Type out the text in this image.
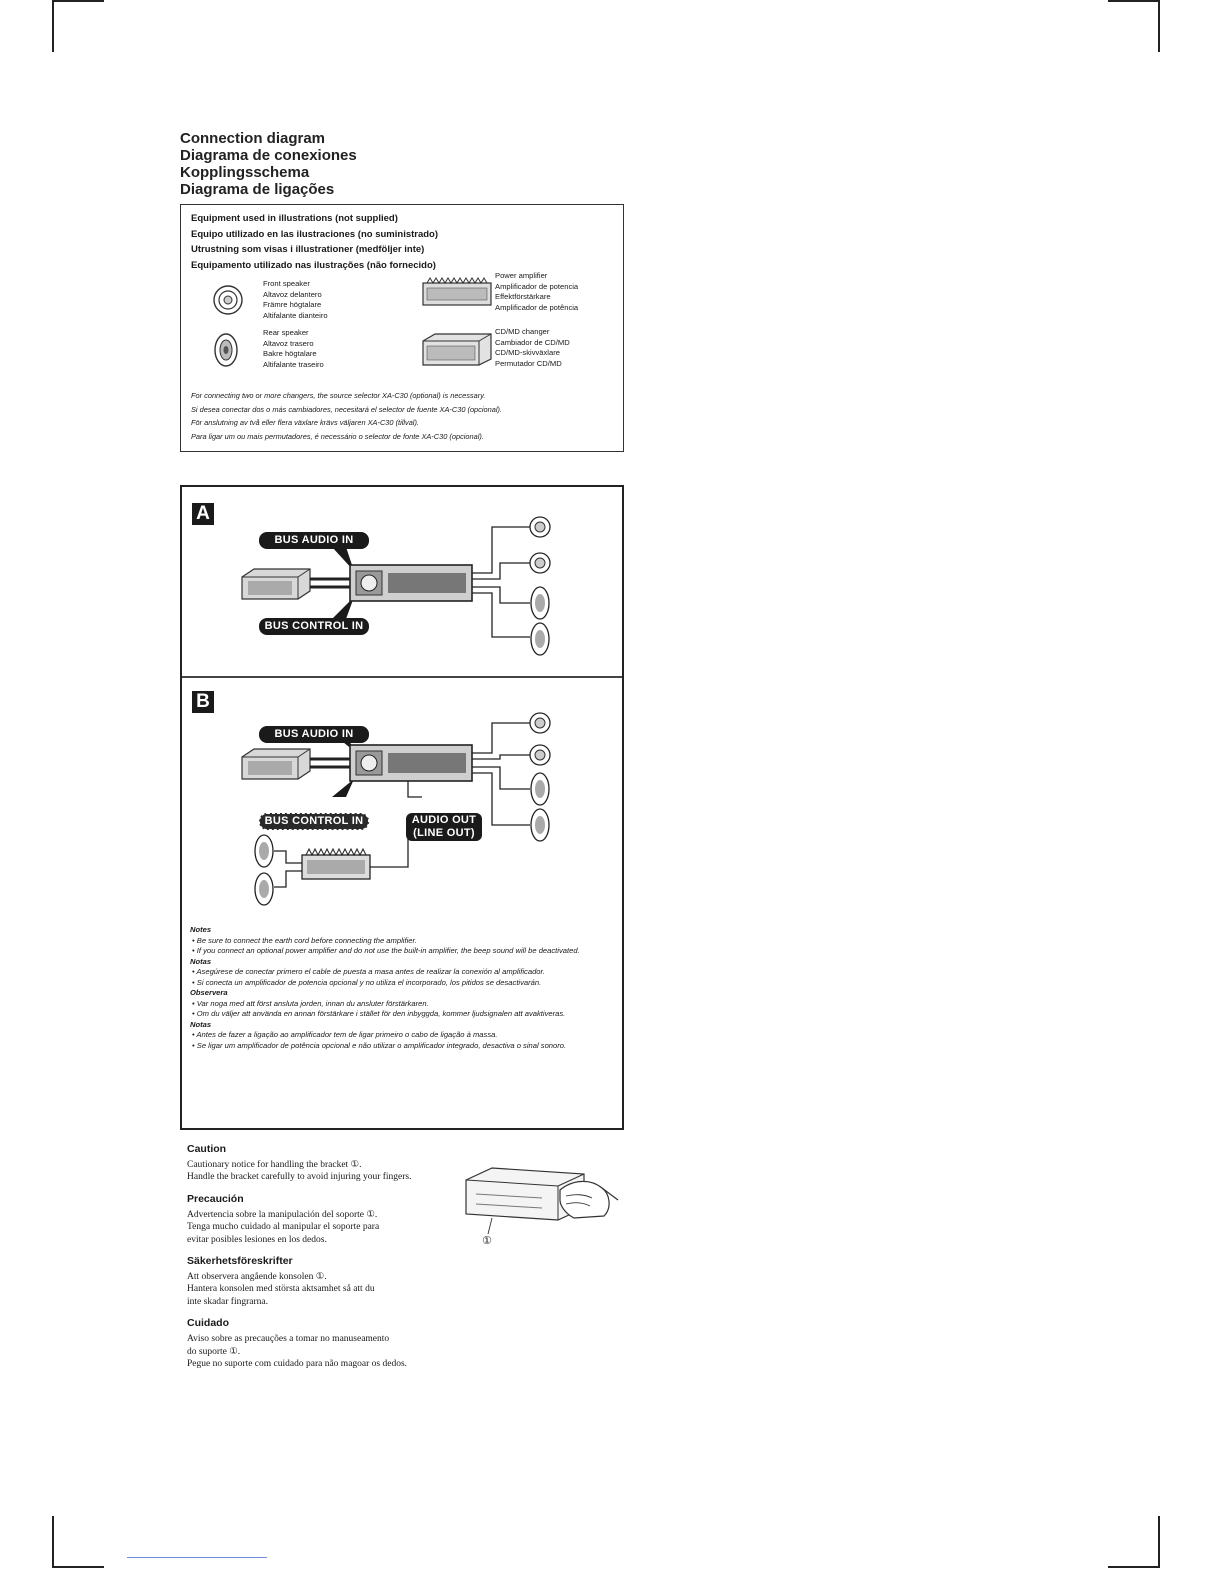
Connection diagram
Diagrama de conexiones
Kopplingsschema
Diagrama de ligações
Equipment used in illustrations (not supplied)
Equipo utilizado en las ilustraciones (no suministrado)
Utrustning som visas i illustrationer (medföljer inte)
Equipamento utilizado nas ilustrações (não fornecido)
Front speaker
Altavoz delantero
Främre högtalare
Altifalante dianteiro
Rear speaker
Altavoz trasero
Bakre högtalare
Altifalante traseiro
Power amplifier
Amplificador de potencia
Effektförstärkare
Amplificador de potência
CD/MD changer
Cambiador de CD/MD
CD/MD-skivväxlare
Permutador CD/MD
For connecting two or more changers, the source selector XA-C30 (optional) is necessary.
Si desea conectar dos o más cambiadores, necesitará el selector de fuente XA-C30 (opcional).
För anslutning av två eller flera växlare krävs väljaren XA-C30 (tillval).
Para ligar um ou mais permutadores, é necessário o selector de fonte XA-C30 (opcional).
A
BUS AUDIO IN
BUS CONTROL IN
B
BUS AUDIO IN
BUS CONTROL IN	AUDIO OUT
(LINE OUT)
Notes
• Be sure to connect the earth cord before connecting the amplifier.
• If you connect an optional power amplifier and do not use the built-in amplifier, the beep sound will be deactivated.
Notas
• Asegúrese de conectar primero el cable de puesta a masa antes de realizar la conexión al amplificador.
• Si conecta un amplificador de potencia opcional y no utiliza el incorporado, los pitidos se desactivarán.
Observera
• Var noga med att först ansluta jorden, innan du ansluter förstärkaren.
• Om du väljer att använda en annan förstärkare i stället för den inbyggda, kommer ljudsignalen att avaktiveras.
Notas
• Antes de fazer a ligação ao amplificador tem de ligar primeiro o cabo de ligação à massa.
• Se ligar um amplificador de potência opcional e não utilizar o amplificador integrado, desactiva o sinal sonoro.
Caution
Cautionary notice for handling the bracket ①.
Handle the bracket carefully to avoid injuring your fingers.
Precaución
Advertencia sobre la manipulación del soporte ①.
Tenga mucho cuidado al manipular el soporte para
evitar posibles lesiones en los dedos.
Säkerhetsföreskrifter
Att observera angående konsolen ①.
Hantera konsolen med största aktsamhet så att du
inte skadar fingrarna.
Cuidado
Aviso sobre as precauções a tomar no manuseamento
do suporte ①.
Pegue no suporte com cuidado para não magoar os dedos.
①
